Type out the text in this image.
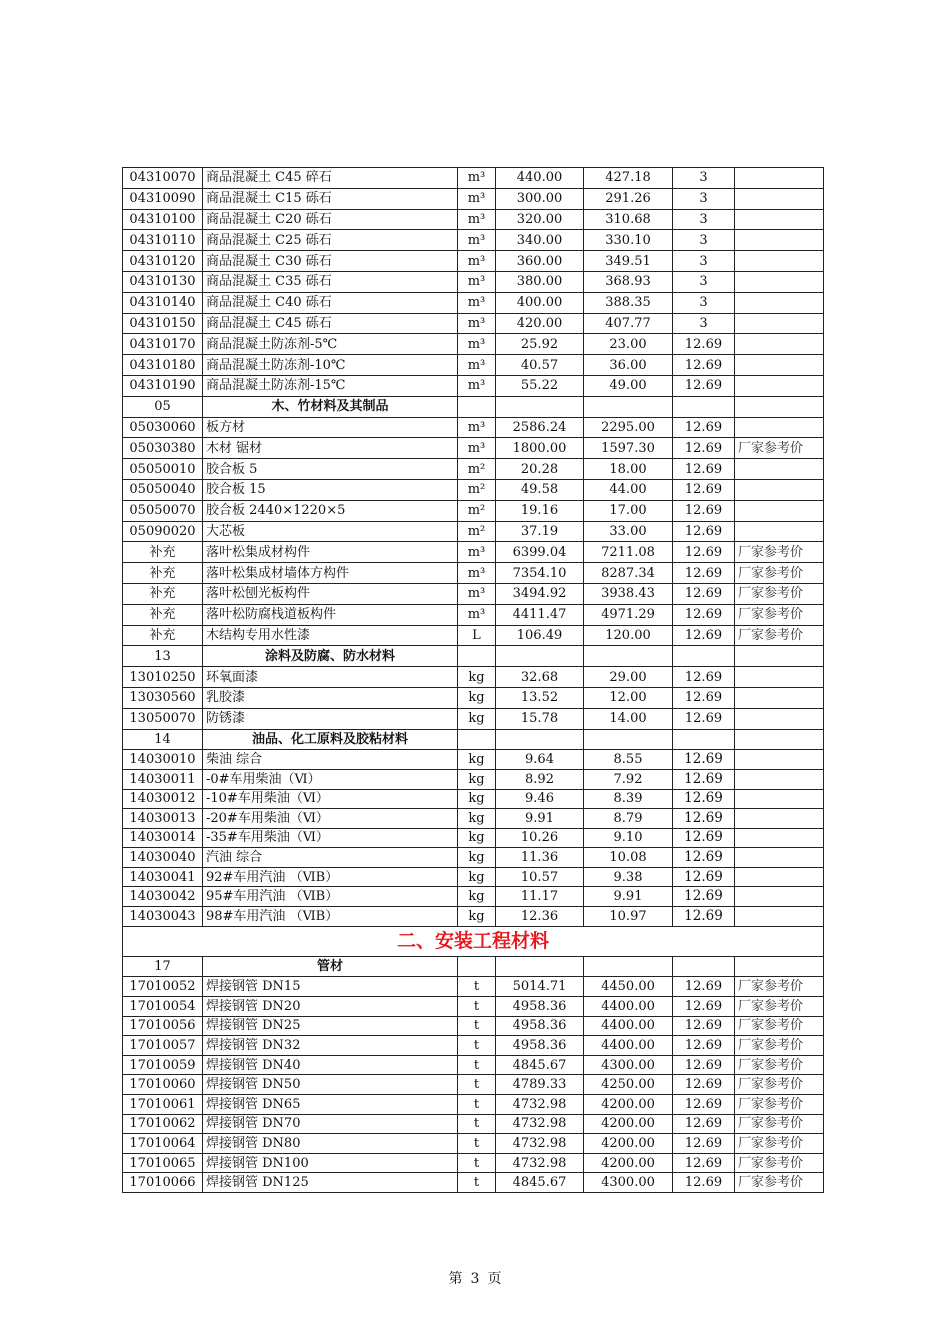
04310070	商品混凝土 C45 碎石	m³	440.00	427.18	3	
04310090	商品混凝土 C15 砾石	m³	300.00	291.26	3	
04310100	商品混凝土 C20 砾石	m³	320.00	310.68	3	
04310110	商品混凝土 C25 砾石	m³	340.00	330.10	3	
04310120	商品混凝土 C30 砾石	m³	360.00	349.51	3	
04310130	商品混凝土 C35 砾石	m³	380.00	368.93	3	
04310140	商品混凝土 C40 砾石	m³	400.00	388.35	3	
04310150	商品混凝土 C45 砾石	m³	420.00	407.77	3	
04310170	商品混凝土防冻剂-5℃	m³	25.92	23.00	12.69	
04310180	商品混凝土防冻剂-10℃	m³	40.57	36.00	12.69	
04310190	商品混凝土防冻剂-15℃	m³	55.22	49.00	12.69	
05	木、竹材料及其制品					
05030060	板方材	m³	2586.24	2295.00	12.69	
05030380	木材 锯材	m³	1800.00	1597.30	12.69	厂家参考价
05050010	胶合板 5	m²	20.28	18.00	12.69	
05050040	胶合板 15	m²	49.58	44.00	12.69	
05050070	胶合板 2440×1220×5	m²	19.16	17.00	12.69	
05090020	大芯板	m²	37.19	33.00	12.69	
补充	落叶松集成材构件	m³	6399.04	7211.08	12.69	厂家参考价
补充	落叶松集成材墙体方构件	m³	7354.10	8287.34	12.69	厂家参考价
补充	落叶松刨光板构件	m³	3494.92	3938.43	12.69	厂家参考价
补充	落叶松防腐栈道板构件	m³	4411.47	4971.29	12.69	厂家参考价
补充	木结构专用水性漆	L	106.49	120.00	12.69	厂家参考价
13	涂料及防腐、防水材料					
13010250	环氧面漆	kg	32.68	29.00	12.69	
13030560	乳胶漆	kg	13.52	12.00	12.69	
13050070	防锈漆	kg	15.78	14.00	12.69	
14	油品、化工原料及胶粘材料					
14030010	柴油 综合	kg	9.64	8.55	12.69	
14030011	-0#车用柴油（Ⅵ）	kg	8.92	7.92	12.69	
14030012	-10#车用柴油（Ⅵ）	kg	9.46	8.39	12.69	
14030013	-20#车用柴油（Ⅵ）	kg	9.91	8.79	12.69	
14030014	-35#车用柴油（Ⅵ）	kg	10.26	9.10	12.69	
14030040	汽油 综合	kg	11.36	10.08	12.69	
14030041	92#车用汽油 （ⅥB）	kg	10.57	9.38	12.69	
14030042	95#车用汽油 （ⅥB）	kg	11.17	9.91	12.69	
14030043	98#车用汽油 （ⅥB）	kg	12.36	10.97	12.69	
二、安装工程材料						
17	管材					
17010052	焊接钢管 DN15	t	5014.71	4450.00	12.69	厂家参考价
17010054	焊接钢管 DN20	t	4958.36	4400.00	12.69	厂家参考价
17010056	焊接钢管 DN25	t	4958.36	4400.00	12.69	厂家参考价
17010057	焊接钢管 DN32	t	4958.36	4400.00	12.69	厂家参考价
17010059	焊接钢管 DN40	t	4845.67	4300.00	12.69	厂家参考价
17010060	焊接钢管 DN50	t	4789.33	4250.00	12.69	厂家参考价
17010061	焊接钢管 DN65	t	4732.98	4200.00	12.69	厂家参考价
17010062	焊接钢管 DN70	t	4732.98	4200.00	12.69	厂家参考价
17010064	焊接钢管 DN80	t	4732.98	4200.00	12.69	厂家参考价
17010065	焊接钢管 DN100	t	4732.98	4200.00	12.69	厂家参考价
17010066	焊接钢管 DN125	t	4845.67	4300.00	12.69	厂家参考价
第 3 页
